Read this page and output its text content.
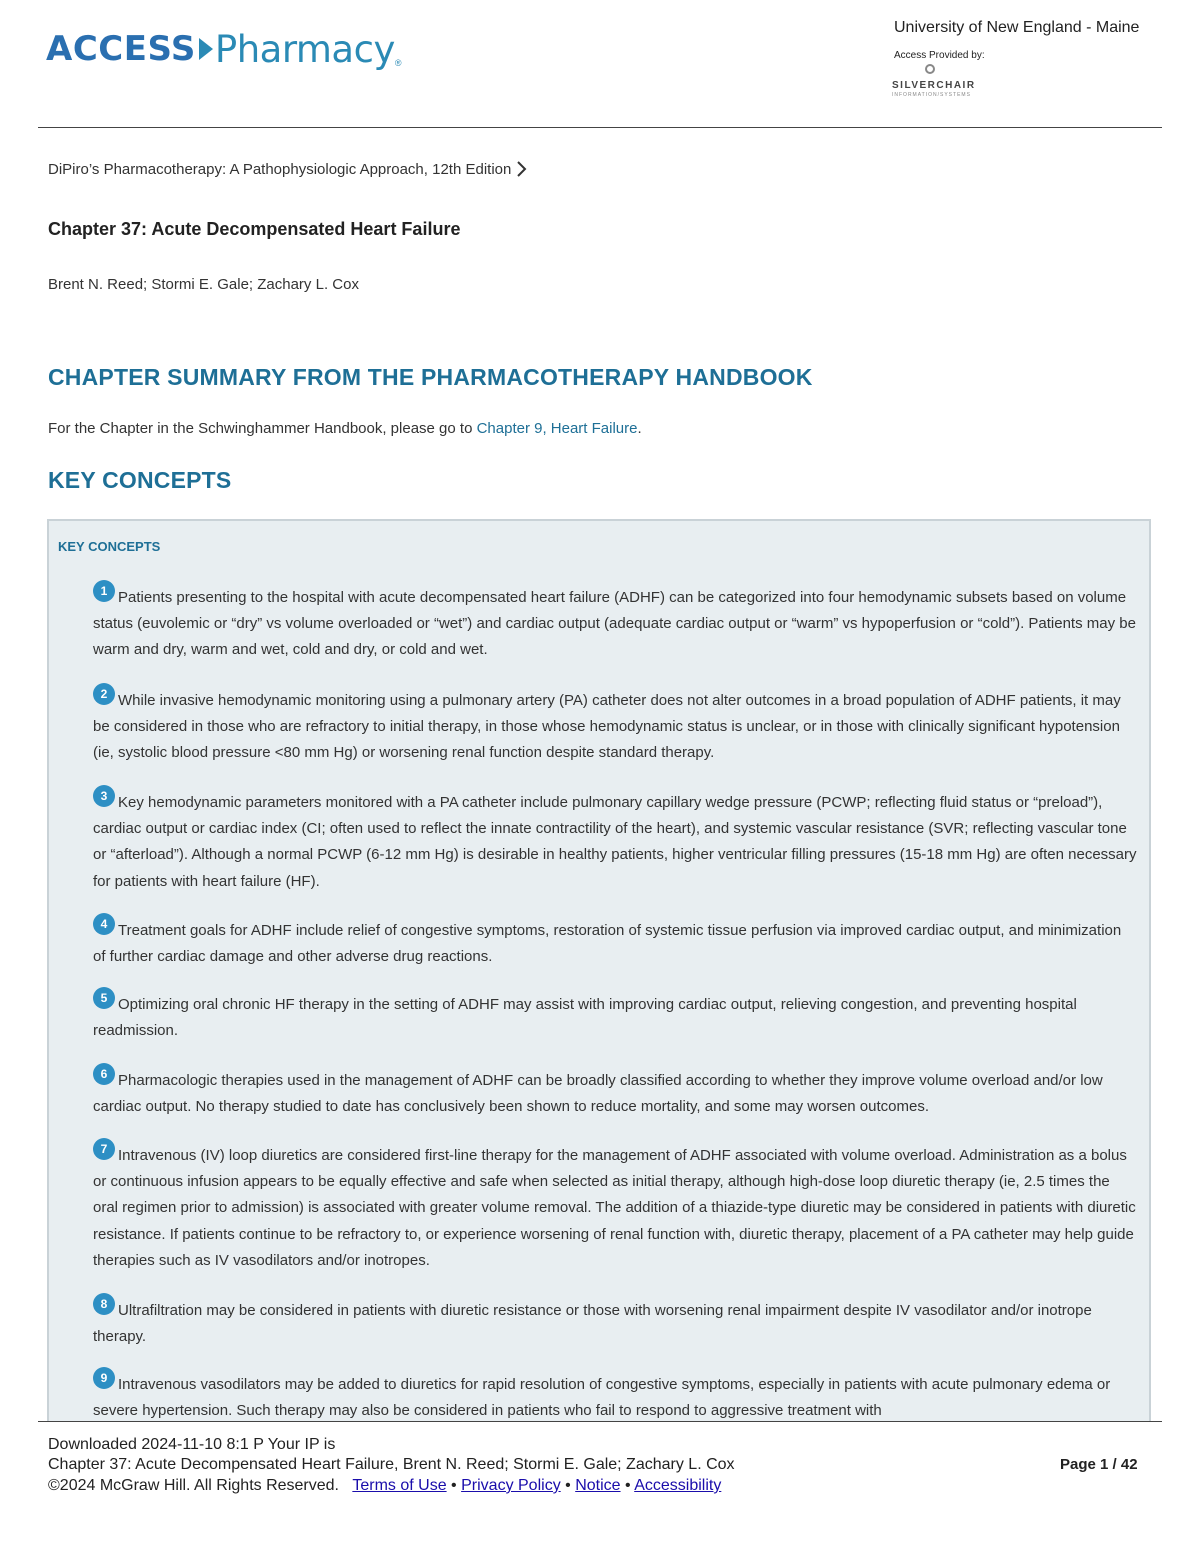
ACCESS Pharmacy ®
University of New England - Maine
Access Provided by:
SILVERCHAIR
INFORMATION/SYSTEMS
DiPiro’s Pharmacotherapy: A Pathophysiologic Approach, 12th Edition
Chapter 37: Acute Decompensated Heart Failure
Brent N. Reed; Stormi E. Gale; Zachary L. Cox
CHAPTER SUMMARY FROM THE PHARMACOTHERAPY HANDBOOK
For the Chapter in the Schwinghammer Handbook, please go to Chapter 9, Heart Failure.
KEY CONCEPTS
KEY CONCEPTS
1 Patients presenting to the hospital with acute decompensated heart failure (ADHF) can be categorized into four hemodynamic subsets based on volume status (euvolemic or “dry” vs volume overloaded or “wet”) and cardiac output (adequate cardiac output or “warm” vs hypoperfusion or “cold”). Patients may be warm and dry, warm and wet, cold and dry, or cold and wet.
2 While invasive hemodynamic monitoring using a pulmonary artery (PA) catheter does not alter outcomes in a broad population of ADHF patients, it may be considered in those who are refractory to initial therapy, in those whose hemodynamic status is unclear, or in those with clinically significant hypotension (ie, systolic blood pressure <80 mm Hg) or worsening renal function despite standard therapy.
3 Key hemodynamic parameters monitored with a PA catheter include pulmonary capillary wedge pressure (PCWP; reflecting fluid status or “preload”), cardiac output or cardiac index (CI; often used to reflect the innate contractility of the heart), and systemic vascular resistance (SVR; reflecting vascular tone or “afterload”). Although a normal PCWP (6-12 mm Hg) is desirable in healthy patients, higher ventricular filling pressures (15-18 mm Hg) are often necessary for patients with heart failure (HF).
4 Treatment goals for ADHF include relief of congestive symptoms, restoration of systemic tissue perfusion via improved cardiac output, and minimization of further cardiac damage and other adverse drug reactions.
5 Optimizing oral chronic HF therapy in the setting of ADHF may assist with improving cardiac output, relieving congestion, and preventing hospital readmission.
6 Pharmacologic therapies used in the management of ADHF can be broadly classified according to whether they improve volume overload and/or low cardiac output. No therapy studied to date has conclusively been shown to reduce mortality, and some may worsen outcomes.
7 Intravenous (IV) loop diuretics are considered first-line therapy for the management of ADHF associated with volume overload. Administration as a bolus or continuous infusion appears to be equally effective and safe when selected as initial therapy, although high-dose loop diuretic therapy (ie, 2.5 times the oral regimen prior to admission) is associated with greater volume removal. The addition of a thiazide-type diuretic may be considered in patients with diuretic resistance. If patients continue to be refractory to, or experience worsening of renal function with, diuretic therapy, placement of a PA catheter may help guide therapies such as IV vasodilators and/or inotropes.
8 Ultrafiltration may be considered in patients with diuretic resistance or those with worsening renal impairment despite IV vasodilator and/or inotrope therapy.
9 Intravenous vasodilators may be added to diuretics for rapid resolution of congestive symptoms, especially in patients with acute pulmonary edema or severe hypertension. Such therapy may also be considered in patients who fail to respond to aggressive treatment with
Downloaded 2024-11-10 8:1 P Your IP is
Chapter 37: Acute Decompensated Heart Failure, Brent N. Reed; Stormi E. Gale; Zachary L. Cox
©2024 McGraw Hill. All Rights Reserved. Terms of Use • Privacy Policy • Notice • Accessibility
Page 1 / 42
